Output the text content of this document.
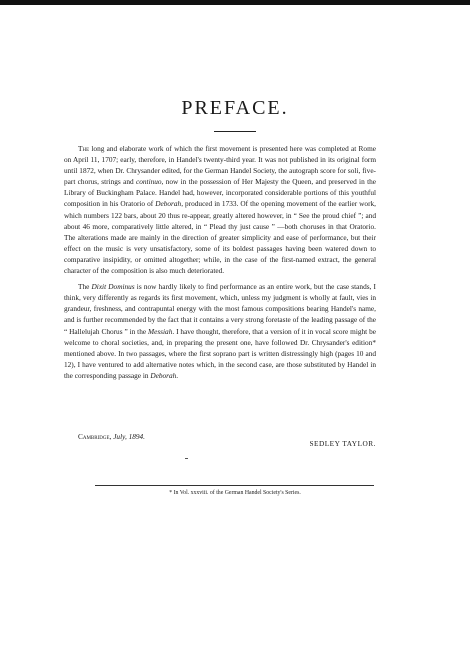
PREFACE.

The long and elaborate work of which the first movement is presented here was completed at Rome on April 11, 1707; early, therefore, in Handel's twenty-third year. It was not published in its original form until 1872, when Dr. Chrysander edited, for the German Handel Society, the autograph score for soli, five-part chorus, strings and continuo, now in the possession of Her Majesty the Queen, and preserved in the Library of Buckingham Palace. Handel had, however, incorporated considerable portions of this youthful composition in his Oratorio of Deborah, produced in 1733. Of the opening movement of the earlier work, which numbers 122 bars, about 20 thus re-appear, greatly altered however, in “ See the proud chief ”; and about 46 more, comparatively little altered, in “ Plead thy just cause ” —both choruses in that Oratorio. The alterations made are mainly in the direction of greater simplicity and ease of performance, but their effect on the music is very unsatisfactory, some of its boldest passages having been watered down to comparative insipidity, or omitted altogether; while, in the case of the first-named extract, the general character of the composition is also much deteriorated.

The Dixit Dominus is now hardly likely to find performance as an entire work, but the case stands, I think, very differently as regards its first movement, which, unless my judgment is wholly at fault, vies in grandeur, freshness, and contrapuntal energy with the most famous compositions bearing Handel's name, and is further recommended by the fact that it contains a very strong foretaste of the leading passage of the “ Hallelujah Chorus ” in the Messiah. I have thought, therefore, that a version of it in vocal score might be welcome to choral societies, and, in preparing the present one, have followed Dr. Chrysander's edition* mentioned above. In two passages, where the first soprano part is written distressingly high (pages 10 and 12), I have ventured to add alternative notes which, in the second case, are those substituted by Handel in the corresponding passage in Deborah.

Cambridge, July, 1894.
SEDLEY TAYLOR.
* In Vol. xxxviii. of the German Handel Society's Series.
